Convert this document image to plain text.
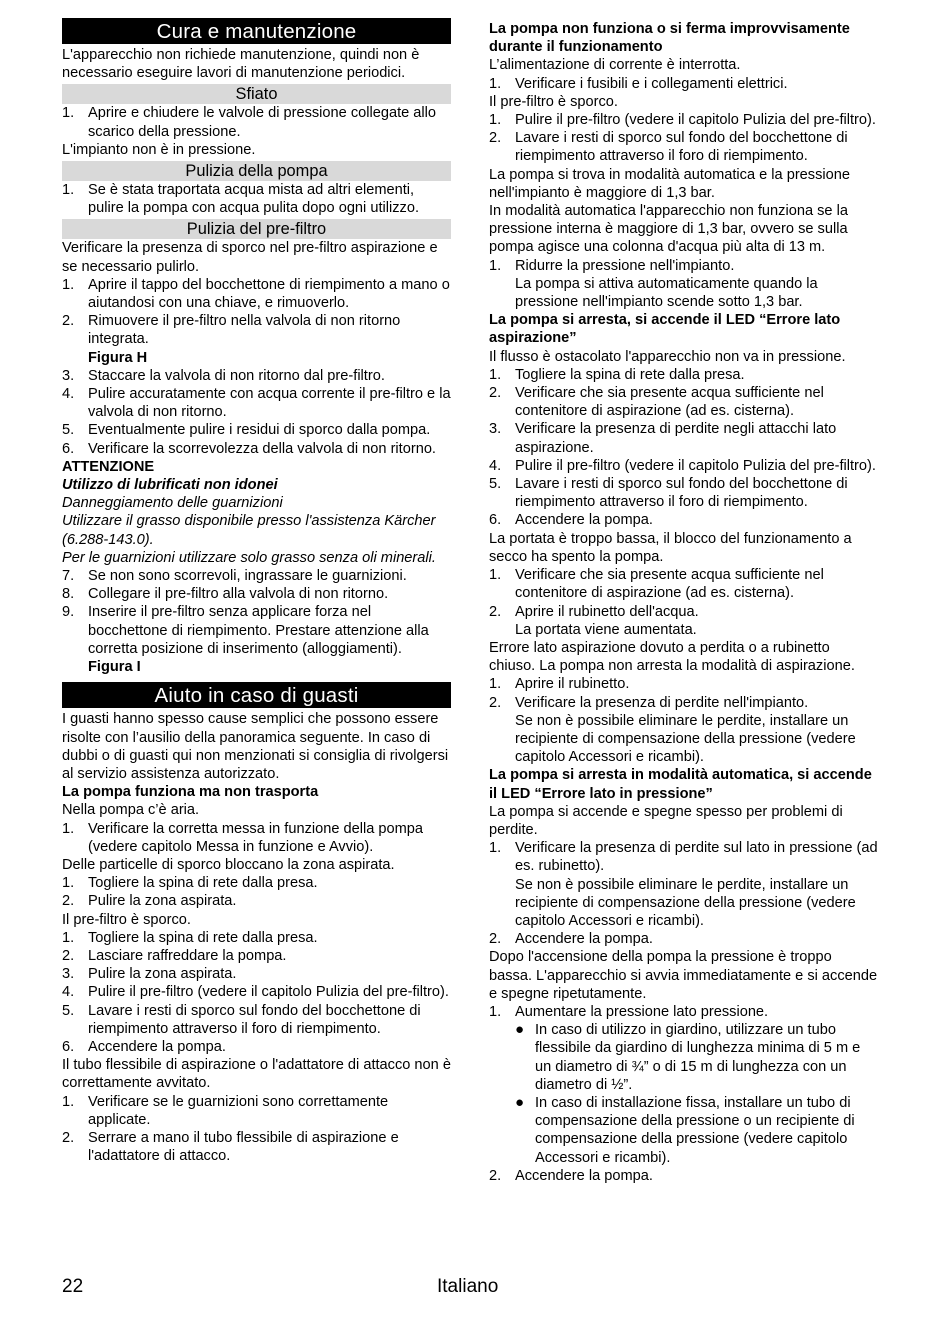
Cura e manutenzione

L'apparecchio non richiede manutenzione, quindi non è necessario eseguire lavori di manutenzione periodici.

Sfiato
1. Aprire e chiudere le valvole di pressione collegate allo scarico della pressione.

L'impianto non è in pressione.

Pulizia della pompa
1. Se è stata traportata acqua mista ad altri elementi, pulire la pompa con acqua pulita dopo ogni utilizzo.
Pulizia del pre-filtro

Verificare la presenza di sporco nel pre-filtro aspirazione e se necessario pulirlo.

1. Aprire il tappo del bocchettone di riempimento a mano o aiutandosi con una chiave, e rimuoverlo.
2. Rimuovere il pre-filtro nella valvola di non ritorno integrata.
Figura H
3. Staccare la valvola di non ritorno dal pre-filtro.
4. Pulire accuratamente con acqua corrente il pre-filtro e la valvola di non ritorno.
5. Eventualmente pulire i residui di sporco dalla pompa.
6. Verificare la scorrevolezza della valvola di non ritorno.

ATTENZIONE

Utilizzo di lubrificati non idonei

Danneggiamento delle guarnizioni

Utilizzare il grasso disponibile presso l'assistenza Kärcher (6.288-143.0).

Per le guarnizioni utilizzare solo grasso senza oli minerali.

7. Se non sono scorrevoli, ingrassare le guarnizioni.
8. Collegare il pre-filtro alla valvola di non ritorno.
9. Inserire il pre-filtro senza applicare forza nel bocchettone di riempimento. Prestare attenzione alla corretta posizione di inserimento (alloggiamenti).
Figura I
Aiuto in caso di guasti

I guasti hanno spesso cause semplici che possono essere risolte con l’ausilio della panoramica seguente. In caso di dubbi o di guasti qui non menzionati si consiglia di rivolgersi al servizio assistenza autorizzato.

La pompa funziona ma non trasporta

Nella pompa c’è aria.

1. Verificare la corretta messa in funzione della pompa (vedere capitolo Messa in funzione e Avvio).

Delle particelle di sporco bloccano la zona aspirata.

1. Togliere la spina di rete dalla presa.
2. Pulire la zona aspirata.

Il pre-filtro è sporco.

1. Togliere la spina di rete dalla presa.
2. Lasciare raffreddare la pompa.
3. Pulire la zona aspirata.
4. Pulire il pre-filtro (vedere il capitolo Pulizia del pre-filtro).
5. Lavare i resti di sporco sul fondo del bocchettone di riempimento attraverso il foro di riempimento.
6. Accendere la pompa.

Il tubo flessibile di aspirazione o l'adattatore di attacco non è correttamente avvitato.

1. Verificare se le guarnizioni sono correttamente applicate.
2. Serrare a mano il tubo flessibile di aspirazione e l'adattatore di attacco.

La pompa non funziona o si ferma improvvisamente durante il funzionamento

L’alimentazione di corrente è interrotta.

1. Verificare i fusibili e i collegamenti elettrici.

Il pre-filtro è sporco.

1. Pulire il pre-filtro (vedere il capitolo Pulizia del pre-filtro).
2. Lavare i resti di sporco sul fondo del bocchettone di riempimento attraverso il foro di riempimento.

La pompa si trova in modalità automatica e la pressione nell'impianto è maggiore di 1,3 bar.

In modalità automatica l'apparecchio non funziona se la pressione interna è maggiore di 1,3 bar, ovvero se sulla pompa agisce una colonna d'acqua più alta di 13 m.

1. Ridurre la pressione nell'impianto.
La pompa si attiva automaticamente quando la pressione nell'impianto scende sotto 1,3 bar.

La pompa si arresta, si accende il LED “Errore lato aspirazione”

Il flusso è ostacolato l'apparecchio non va in pressione.

1. Togliere la spina di rete dalla presa.
2. Verificare che sia presente acqua sufficiente nel contenitore di aspirazione (ad es. cisterna).
3. Verificare la presenza di perdite negli attacchi lato aspirazione.
4. Pulire il pre-filtro (vedere il capitolo Pulizia del pre-filtro).
5. Lavare i resti di sporco sul fondo del bocchettone di riempimento attraverso il foro di riempimento.
6. Accendere la pompa.

La portata è troppo bassa, il blocco del funzionamento a secco ha spento la pompa.

1. Verificare che sia presente acqua sufficiente nel contenitore di aspirazione (ad es. cisterna).
2. Aprire il rubinetto dell'acqua.
La portata viene aumentata.

Errore lato aspirazione dovuto a perdita o a rubinetto chiuso. La pompa non arresta la modalità di aspirazione.

1. Aprire il rubinetto.
2. Verificare la presenza di perdite nell'impianto.
Se non è possibile eliminare le perdite, installare un recipiente di compensazione della pressione (vedere capitolo Accessori e ricambi).

La pompa si arresta in modalità automatica, si accende il LED “Errore lato in pressione”

La pompa si accende e spegne spesso per problemi di perdite.

1. Verificare la presenza di perdite sul lato in pressione (ad es. rubinetto).
Se non è possibile eliminare le perdite, installare un recipiente di compensazione della pressione (vedere capitolo Accessori e ricambi).
2. Accendere la pompa.

Dopo l'accensione della pompa la pressione è troppo bassa. L'apparecchio si avvia immediatamente e si accende e spegne ripetutamente.

1. Aumentare la pressione lato pressione.
● In caso di utilizzo in giardino, utilizzare un tubo flessibile da giardino di lunghezza minima di 5 m e un diametro di ¾” o di 15 m di lunghezza con un diametro di ½”.
● In caso di installazione fissa, installare un tubo di compensazione della pressione o un recipiente di compensazione della pressione (vedere capitolo Accessori e ricambi).
2. Accendere la pompa.
22	Italiano
